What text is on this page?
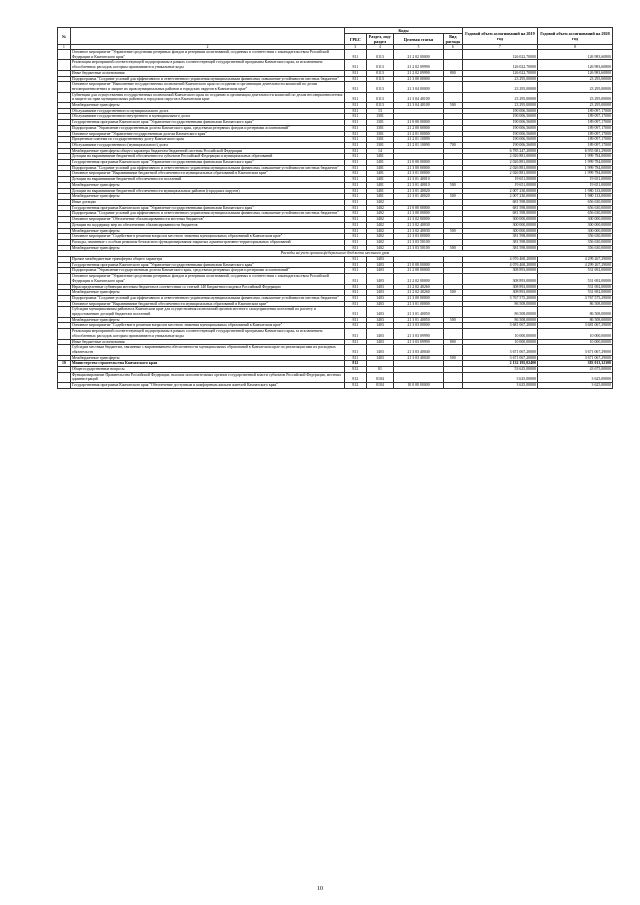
№		Коды				Годовой объем ассигнований на 2019 год	Годовой объем ассигнований на 2020 год
		ГРБС	Раздел, под-раздел	Целевая статья	Вид расхода		
1	2	3	4	5	6	7	8
	Основное мероприятие "Управление средствами резервных фондов и резервами ассигнований, созданных в соответствии с законодательством Российской Федерации и Камчатского края"	811	0113	21 2 02 00000		126 022,70000	126 983,60800
	Реализация мероприятий соответствующей подпрограммы в рамках соответствующей государственной программы Камчатского края, за исключением обособленных расходов, которым присваиваются уникальные коды	811	0113	21 2 02 09990		126 022,70000	126 983,60800
	Иные бюджетные ассигнования	811	0113	21 2 02 09990	800	126 022,70000	126 983,60800
	Подпрограмма "Создание условий для эффективного и ответственного управления муниципальными финансами, повышение устойчивости местных бюджетов"	811	0113	21 3 00 00000		23 295,00000	23 295,00000
	Основное мероприятие "Выполнение государственных полномочий Камчатского края по созданию и организации деятельности комиссий по делам несовершеннолетних и защите их прав муниципальных районов и городских округов в Камчатском крае"	811	0113	21 3 04 00000		23 295,00000	23 295,00000
	Субвенции для осуществления государственных полномочий Камчатского края по созданию и организации деятельности комиссий по делам несовершеннолетних и защите их прав муниципальных районов и городских округов в Камчатском крае	811	0113	21 3 04 40100		23 295,00000	23 295,00000
	Межбюджетные трансферты	811	0113	21 3 04 40100	500	23 295,00000	23 295,00000
	Обслуживание государственного и муниципального долга	811	13			190 006,56000	189 097,17000
	Обслуживание государственного внутреннего и муниципального долга	811	1301			190 006,56000	189 097,17000
	Государственная программа Камчатского края "Управление государственными финансами Камчатского края"	811	1301	21 0 00 00000		190 006,56000	189 097,17000
	Подпрограмма "Управление государственным долгом Камчатского края, средствами резервных фондов и резервами ассигнований"	811	1301	21 2 00 00000		190 006,56000	189 097,17000
	Основное мероприятие "Управление государственным долгом Камчатского края"	811	1301	21 2 01 00000		190 006,56000	189 097,17000
	Процентные платежи по государственному долгу Камчатского края	811	1301	21 2 01 10090		190 006,56000	189 097,17000
	Обслуживание государственного (муниципального) долга	811	1301	21 2 01 10090	700	190 006,56000	189 097,17000
	Межбюджетные трансферты общего характера бюджетам бюджетной системы Российской Федерации	811	14			6 785 247,20000	6 955 681,29000
	Дотации на выравнивание бюджетной обеспеченности субъектов Российской Федерации и муниципальных образований	811	1401			2 026 881,00000	1 999 784,00000
	Государственная программа Камчатского края "Управление государственными финансами Камчатского края"	811	1401	21 0 00 00000		2 026 881,00000	1 999 784,00000
	Подпрограмма "Создание условий для эффективного и ответственного управления муниципальными финансами, повышение устойчивости местных бюджетов"	811	1401	21 3 00 00000		2 026 881,00000	1 999 784,00000
	Основное мероприятие "Выравнивание бюджетной обеспеченности муниципальных образований в Камчатском крае"	811	1401	21 3 01 00000		2 026 881,00000	1 999 784,00000
	Дотации на выравнивание бюджетной обеспеченности поселений	811	1401	21 3 01 40010		19 651,00000	19 651,00000
	Межбюджетные трансферты	811	1401	21 3 01 40010	500	19 651,00000	19 651,00000
	Дотации на выравнивание бюджетной обеспеченности муниципальных районов (городских округов)	811	1401	21 3 01 40020		2 007 230,00000	1 980 133,00000
	Межбюджетные трансферты	811	1401	21 3 01 40020	500	2 007 230,00000	1 980 133,00000
	Иные дотации	811	1402			681 598,00000	656 630,00000
	Государственная программа Камчатского края "Управление государственными финансами Камчатского края"	811	1402	21 0 00 00000		681 598,00000	656 630,00000
	Подпрограмма "Создание условий для эффективного и ответственного управления муниципальными финансами, повышение устойчивости местных бюджетов"	811	1402	21 3 00 00000		681 598,00000	656 630,00000
	Основное мероприятие "Обеспечение сбалансированности местных бюджетов"	811	1402	21 3 02 00000		300 000,00000	300 000,00000
	Дотации на поддержку мер по обеспечению сбалансированности бюджетов	811	1402	21 3 02 40030		300 000,00000	300 000,00000
	Межбюджетные трансферты	811	1402	21 3 02 40030	500	300 000,00000	300 000,00000
	Основное мероприятие "Содействие в решении вопросов местного значения муниципальных образований в Камчатском крае"	811	1402	21 3 03 00000		381 598,00000	356 630,00000
	Расходы, связанные с особым режимом безопасного функционирования закрытых административно-территориальных образований	811	1402	21 3 03 50100		381 598,00000	356 630,00000
	Межбюджетные трансферты	811	1402	21 3 03 50100	500	381 598,00000	356 630,00000
Расходы на учет органов федерального бюджета местного уров							
	Прочие межбюджетные трансферты общего характера	811	1403			4 076 468,20000	4 299 267,29000
	Государственная программа Камчатского края "Управление государственными финансами Камчатского края"	811	1403	21 0 00 00000		4 076 468,20000	4 299 267,29000
	Подпрограмма "Управление государственным долгом Камчатского края, средствами резервных фондов и резервами ассигнований"	811	1403	21 2 00 00000		308 893,00000	531 692,00000
	Основное мероприятие "Управление средствами резервных фондов и резервами ассигнований, созданных в соответствии с законодательством Российской Федерации и Камчатского края"	811	1403	21 2 02 00000		308 893,00000	531 692,00000
	Нераспределенные субвенции местным бюджетам в соответствии со статьей 140 Бюджетного кодекса Российской Федерации	811	1403	21 2 02 40260		308 893,00000	531 692,00000
	Межбюджетные трансферты	811	1403	21 2 02 40260	500	308 893,00000	531 692,00000
	Подпрограмма "Создание условий для эффективного и ответственного управления муниципальными финансами, повышение устойчивости местных бюджетов"	811	1403	21 3 00 00000		3 767 575,20000	3 767 575,29000
	Основное мероприятие "Выравнивание бюджетной обеспеченности муниципальных образований в Камчатском крае"	811	1403	21 3 01 00000		86 508,00000	86 508,00000
	Субсидии муниципальным районам в Камчатском крае для осуществления полномочий органов местного самоуправления поселений по расчету и предоставлению дотаций бюджетам поселений	811	1403	21 3 01 40050		86 508,00000	86 508,00000
	Межбюджетные трансферты	811	1403	21 3 01 40050	500	86 508,00000	86 508,00000
	Основное мероприятие "Содействие в решении вопросов местного значения муниципальных образований в Камчатском крае"	811	1403	21 3 03 00000		3 681 067,20000	3 681 067,29000
	Реализация мероприятий соответствующей подпрограммы в рамках соответствующей государственной программы Камчатского края, за исключением обособленных расходов, которым присваиваются уникальные коды	811	1403	21 3 03 09990		10 000,00000	10 000,00000
	Иные бюджетные ассигнования	811	1403	21 3 03 09990	800	10 000,00000	10 000,00000
	Субсидии местным бюджетам, связанные с выравниванием обеспеченности муниципальных образований в Камчатском крае по реализации ими их расходных обязательств	811	1403	21 3 03 40040		3 671 067,20000	3 671 067,29000
	Межбюджетные трансферты	811	1403	21 3 03 40040	500	3 671 067,20000	3 671 067,29000
10	Министерство строительства Камчатского края	812				2 132 195,02400	383 013,32300
	Общегосударственные вопросы	812	01			53 625,00000	43 675,00000
	Функционирование Правительства Российской Федерации, высших исполнительных органов государственной власти субъектов Российской Федерации, местных администраций	812	0104			3 625,00000	3 625,00000
	Государственная программа Камчатского края "Обеспечение доступным и комфортным жильем жителей Камчатского края"	812	0104	10 0 00 00000		3 625,00000	3 625,00000
10
